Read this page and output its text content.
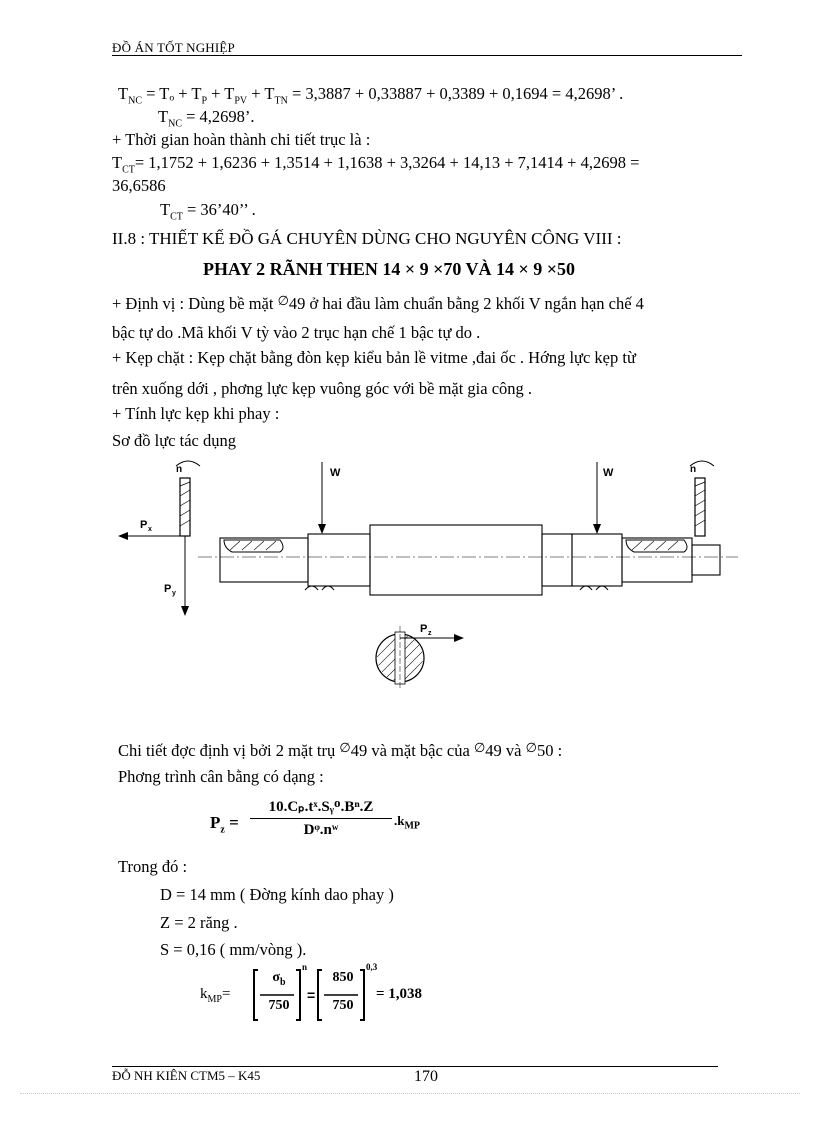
ĐỒ ÁN TỐT NGHIỆP
$T_{NC} = T_o + T_P + T_{PV} + T_{TN} = 3,3887 + 0,33887 + 0,3389 + 0,1694 = 4,2698$’ .
$T_{NC} = 4,2698$’.
+ Thời gian hoàn thành chi tiết trục là :
$T_{CT}= 1,1752 + 1,6236 + 1,3514 + 1,1638 + 3,3264 + 14,13 + 7,1414 + 4,2698$ =
36,6586
$T_{CT}$ = 36’40’’ .
II.8 : THIẾT KẾ ĐỒ GÁ CHUYÊN DÙNG CHO NGUYÊN CÔNG VIII :
PHAY 2 RÃNH THEN 14 × 9 ×70 VÀ 14 × 9 ×50
+ Định vị : Dùng bề mặt ∅49 ở hai đầu làm chuẩn bằng 2 khối V ngắn hạn chế 4
bậc tự do .Mã khối V tỳ vào 2 trục hạn chế 1 bậc tự do .
+ Kẹp chặt : Kẹp chặt bằng đòn kẹp kiểu bản lề vitme ,đai ốc . Hớng lực kẹp từ
trên xuống dới , phơng lực kẹp vuông góc với bề mặt gia công .
+ Tính lực kẹp khi phay :
Sơ đồ lực tác dụng
n
P x
P y
W	W	n
P z
Chi tiết đợc định vị bởi 2 mặt trụ ∅49 và mặt bậc của ∅49 và ∅50 :
Phơng trình cân bằng có dạng :
$P_z$ =
10.Cₚ.tˣ.Sᵧᴼ.Bⁿ.Z
Dᵠ.nʷ
$.k_{MP}$
Trong đó :
D = 14 mm ( Đờng kính dao phay )
Z = 2 răng .
S = 0,16 ( mm/vòng ).
$k_{MP}=$	=
$\sigma_b$
750
n
850
750
0,3
= 1,038
ĐỖ NH KIÊN CTM5 – K45	170
